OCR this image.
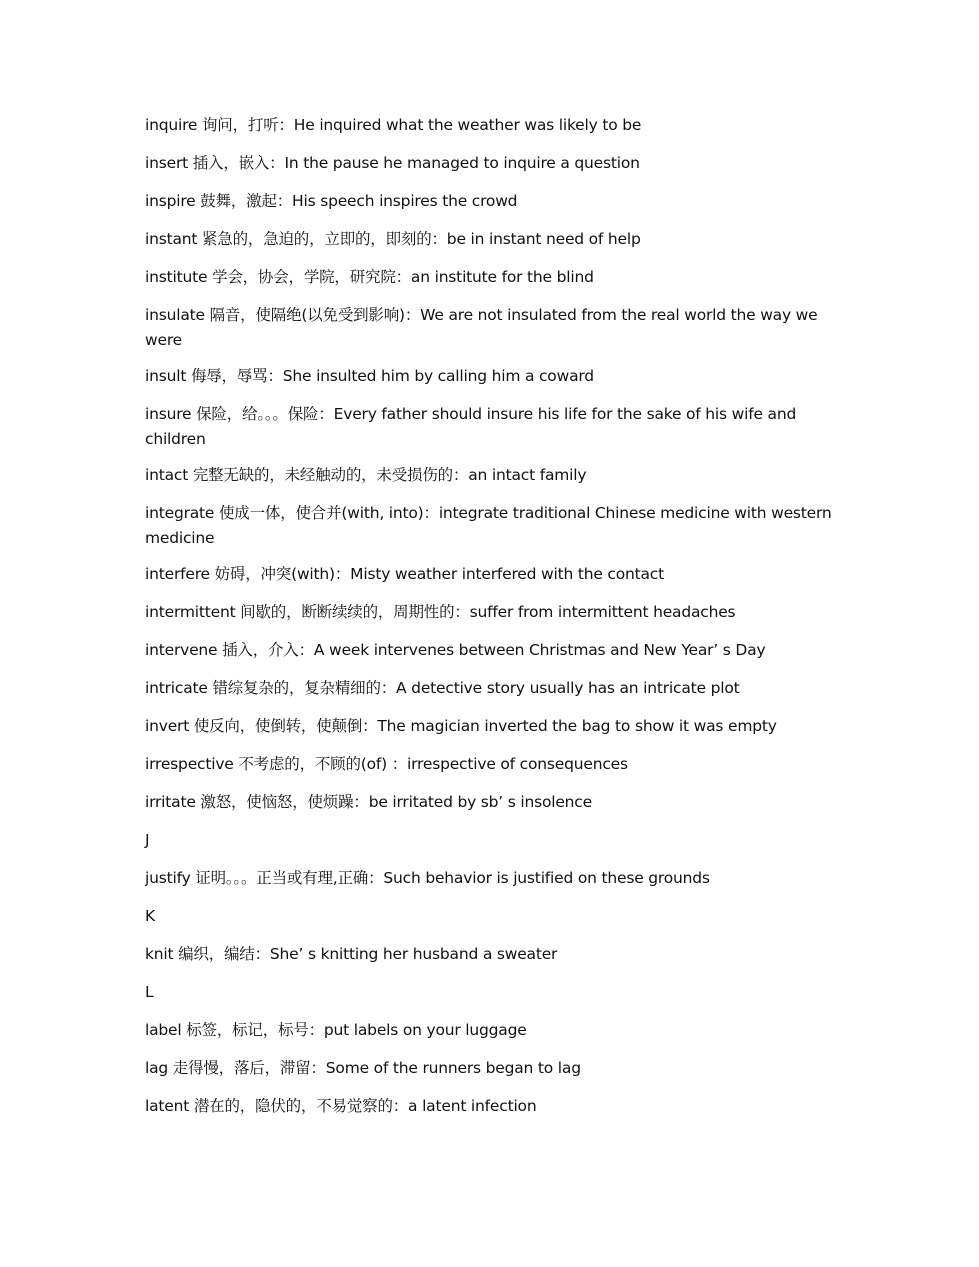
inquire 询问，打听：He inquired what the weather was likely to be

insert 插入，嵌入：In the pause he managed to inquire a question

inspire 鼓舞，激起：His speech inspires the crowd

instant 紧急的，急迫的，立即的，即刻的：be in instant need of help

institute 学会，协会，学院，研究院：an institute for the blind

insulate 隔音，使隔绝(以免受到影响)：We are not insulated from the real world the way we were

insult 侮辱，辱骂：She insulted him by calling him a coward

insure 保险，给。。。保险：Every father should insure his life for the sake of his wife and children

intact 完整无缺的，未经触动的，未受损伤的：an intact family

integrate 使成一体，使合并(with, into)：integrate traditional Chinese medicine with western medicine

interfere 妨碍，冲突(with)：Misty weather interfered with the contact

intermittent 间歇的，断断续续的，周期性的：suffer from intermittent headaches

intervene 插入，介入：A week intervenes between Christmas and New Year’ s Day

intricate 错综复杂的，复杂精细的：A detective story usually has an intricate plot

invert 使反向，使倒转，使颠倒：The magician inverted the bag to show it was empty

irrespective 不考虑的，不顾的(of) ：irrespective of consequences

irritate 激怒，使恼怒，使烦躁：be irritated by sb’ s insolence

J

justify 证明。。。正当或有理,正确：Such behavior is justified on these grounds

K

knit 编织，编结：She’ s knitting her husband a sweater

L

label 标签，标记，标号：put labels on your luggage

lag 走得慢，落后，滞留：Some of the runners began to lag

latent 潜在的，隐伏的，不易觉察的：a latent infection
